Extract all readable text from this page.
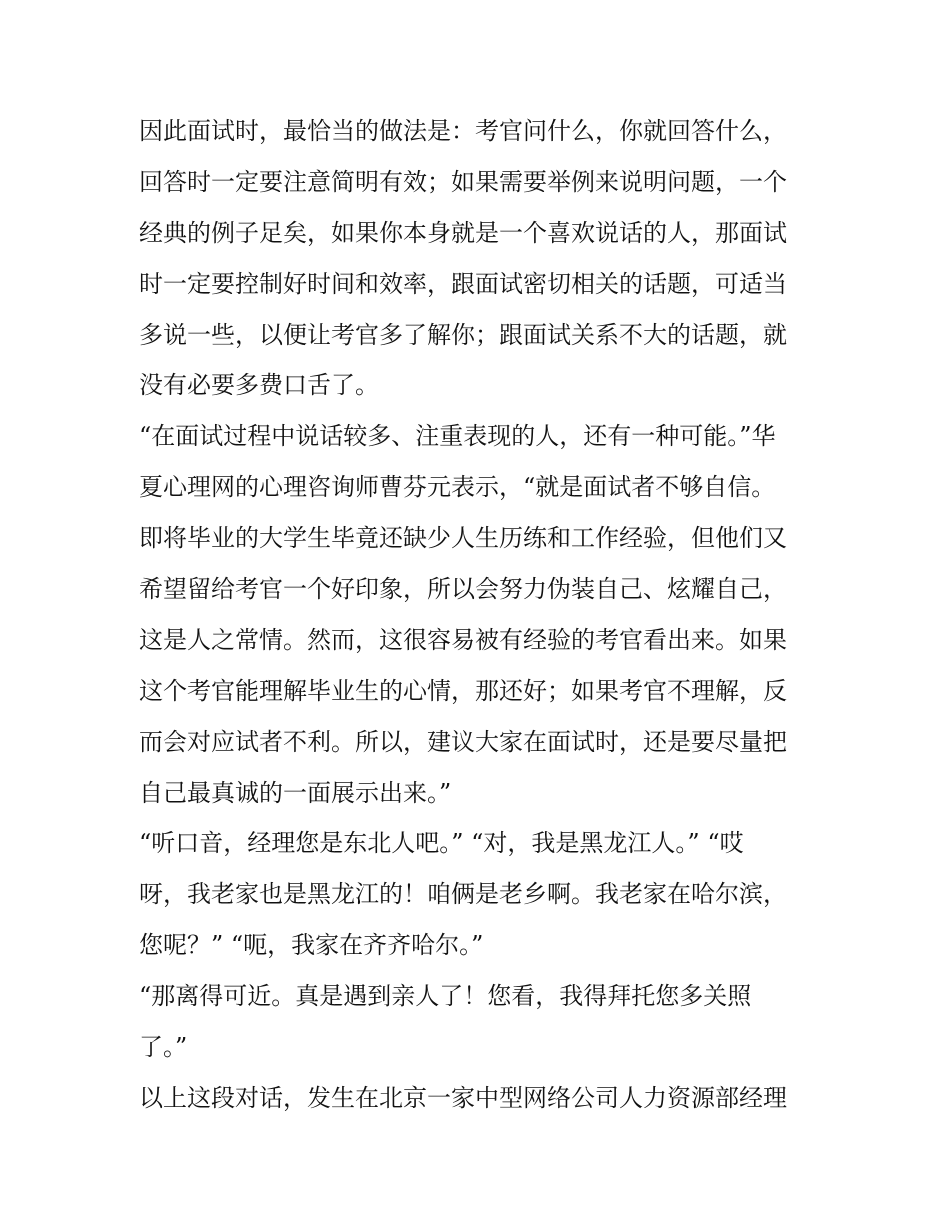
因此面试时，最恰当的做法是：考官问什么，你就回答什么，
回答时一定要注意简明有效；如果需要举例来说明问题，一个
经典的例子足矣，如果你本身就是一个喜欢说话的人，那面试
时一定要控制好时间和效率，跟面试密切相关的话题，可适当
多说一些，以便让考官多了解你；跟面试关系不大的话题，就
没有必要多费口舌了。
“在面试过程中说话较多、注重表现的人，还有一种可能。”华
夏心理网的心理咨询师曹芬元表示，“就是面试者不够自信。
即将毕业的大学生毕竟还缺少人生历练和工作经验，但他们又
希望留给考官一个好印象，所以会努力伪装自己、炫耀自己，
这是人之常情。然而，这很容易被有经验的考官看出来。如果
这个考官能理解毕业生的心情，那还好；如果考官不理解，反
而会对应试者不利。所以，建议大家在面试时，还是要尽量把
自己最真诚的一面展示出来。”
“听口音，经理您是东北人吧。” “对，我是黑龙江人。” “哎
呀，我老家也是黑龙江的！咱俩是老乡啊。我老家在哈尔滨，
您呢？” “呃，我家在齐齐哈尔。”
“那离得可近。真是遇到亲人了！您看，我得拜托您多关照
了。”
以上这段对话，发生在北京一家中型网络公司人力资源部经理
